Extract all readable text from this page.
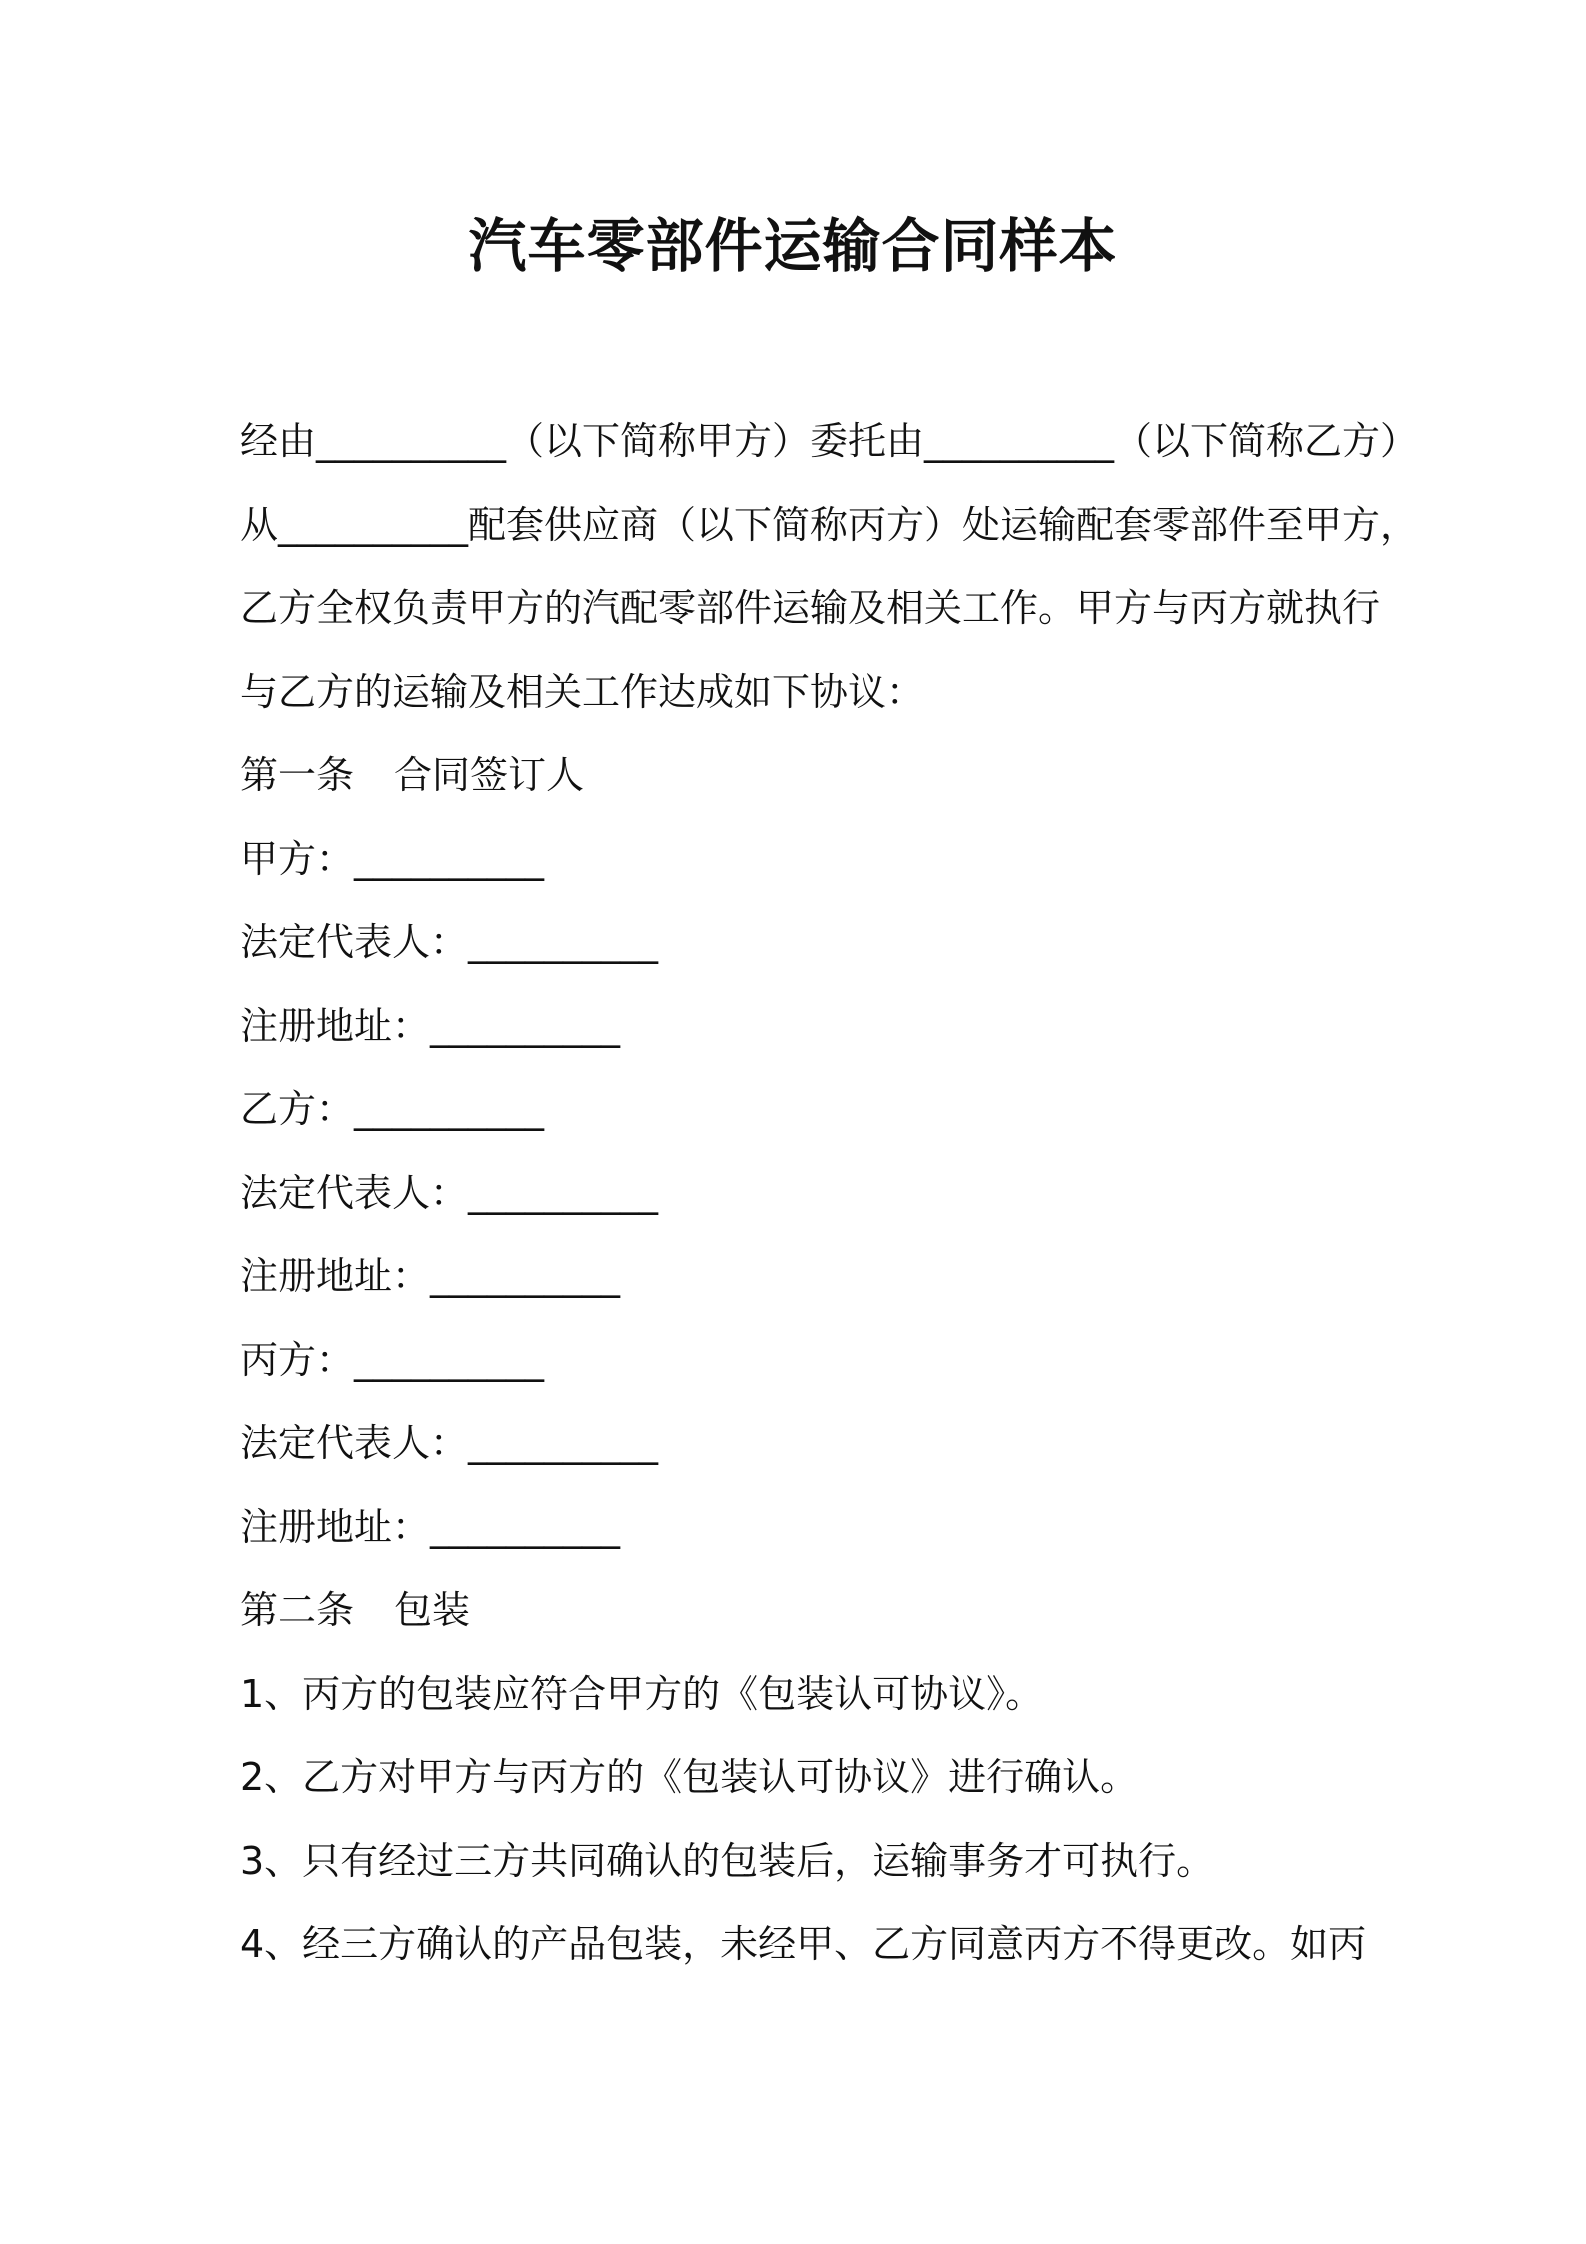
汽车零部件运输合同样本
经由__________（以下简称甲方）委托由__________（以下简称乙方）
从__________配套供应商（以下简称丙方）处运输配套零部件至甲方，
乙方全权负责甲方的汽配零部件运输及相关工作。甲方与丙方就执行
与乙方的运输及相关工作达成如下协议：
第一条 合同签订人
甲方：__________
法定代表人：__________
注册地址：__________
乙方：__________
法定代表人：__________
注册地址：__________
丙方：__________
法定代表人：__________
注册地址：__________
第二条 包装
1、丙方的包装应符合甲方的《包装认可协议》。
2、乙方对甲方与丙方的《包装认可协议》进行确认。
3、只有经过三方共同确认的包装后，运输事务才可执行。
4、经三方确认的产品包装，未经甲、乙方同意丙方不得更改。如丙
